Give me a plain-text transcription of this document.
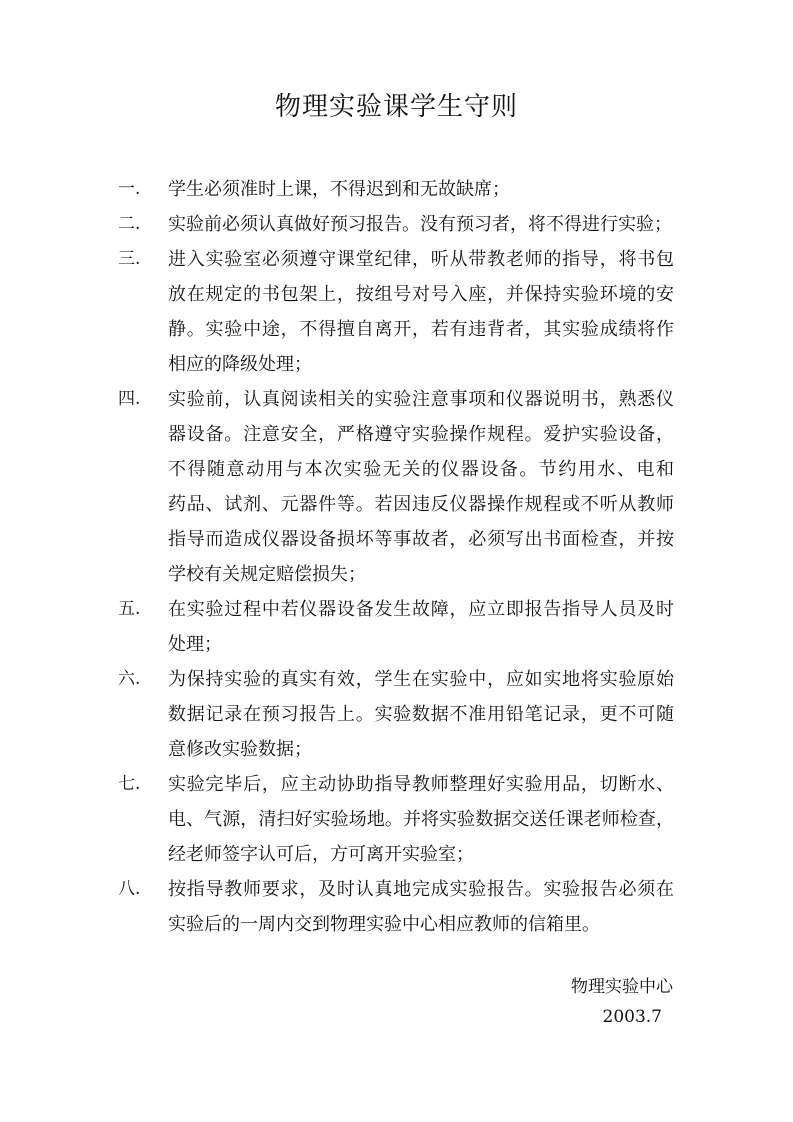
物理实验课学生守则
一. 学生必须准时上课，不得迟到和无故缺席；
二. 实验前必须认真做好预习报告。没有预习者，将不得进行实验；
三. 进入实验室必须遵守课堂纪律，听从带教老师的指导，将书包
放在规定的书包架上，按组号对号入座，并保持实验环境的安
静。实验中途，不得擅自离开，若有违背者，其实验成绩将作
相应的降级处理；
四. 实验前，认真阅读相关的实验注意事项和仪器说明书，熟悉仪
器设备。注意安全，严格遵守实验操作规程。爱护实验设备，
不得随意动用与本次实验无关的仪器设备。节约用水、电和
药品、试剂、元器件等。若因违反仪器操作规程或不听从教师
指导而造成仪器设备损坏等事故者，必须写出书面检查，并按
学校有关规定赔偿损失；
五. 在实验过程中若仪器设备发生故障，应立即报告指导人员及时
处理；
六. 为保持实验的真实有效，学生在实验中，应如实地将实验原始
数据记录在预习报告上。实验数据不准用铅笔记录，更不可随
意修改实验数据；
七. 实验完毕后，应主动协助指导教师整理好实验用品，切断水、
电、气源，清扫好实验场地。并将实验数据交送任课老师检查，
经老师签字认可后，方可离开实验室；
八. 按指导教师要求，及时认真地完成实验报告。实验报告必须在
实验后的一周内交到物理实验中心相应教师的信箱里。
物理实验中心
2003.7
